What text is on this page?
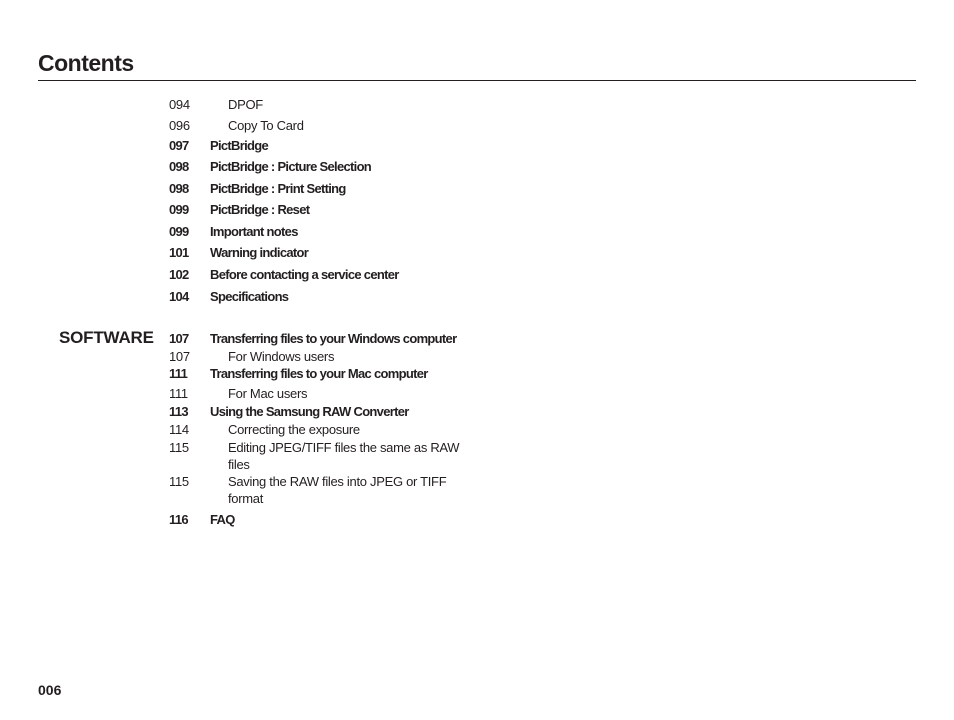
Contents
094	DPOF
096	Copy To Card
097 PictBridge
098 PictBridge : Picture Selection
098 PictBridge : Print Setting
099 PictBridge : Reset
099 Important notes
101 Warning indicator
102 Before contacting a service center
104 Specifications
SOFTWARE 107 Transferring files to your Windows computer
107	For Windows users
111 Transferring files to your Mac computer
111	For Mac users
113 Using the Samsung RAW Converter
114	Correcting the exposure
115	Editing JPEG/TIFF files the same as RAW files
115	Saving the RAW files into JPEG or TIFF format
116 FAQ
006
